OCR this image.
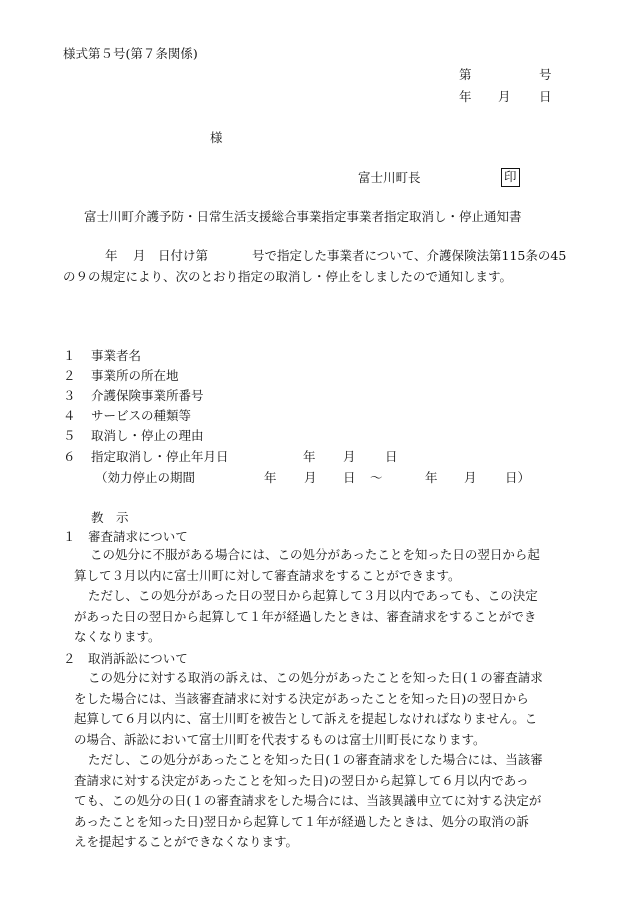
様式第５号(第７条関係)
第	号
年 月 日
様
富士川町長	印
富士川町介護予防・日常生活支援総合事業指定事業者指定取消し・停止通知書
年 月 日付け第	号で指定した事業者について、介護保険法第115条の45
の９の規定により、次のとおり指定の取消し・停止をしましたので通知します。
１ 事業者名
２ 事業所の所在地
３ 介護保険事業所番号
４ サービスの種類等
５ 取消し・停止の理由
６ 指定取消し・停止年月日	年 月 日
（効力停止の期間	年 月 日 ～	年 月 日）
教　示
１　審査請求について
この処分に不服がある場合には、この処分があったことを知った日の翌日から起
算して３月以内に富士川町に対して審査請求をすることができます。
ただし、この処分があった日の翌日から起算して３月以内であっても、この決定
があった日の翌日から起算して１年が経過したときは、審査請求をすることができ
なくなります。
２　取消訴訟について
この処分に対する取消の訴えは、この処分があったことを知った日(１の審査請求
をした場合には、当該審査請求に対する決定があったことを知った日)の翌日から
起算して６月以内に、富士川町を被告として訴えを提起しなければなりません。こ
の場合、訴訟において富士川町を代表するものは富士川町長になります。
ただし、この処分があったことを知った日(１の審査請求をした場合には、当該審
査請求に対する決定があったことを知った日)の翌日から起算して６月以内であっ
ても、この処分の日(１の審査請求をした場合には、当該異議申立てに対する決定が
あったことを知った日)翌日から起算して１年が経過したときは、処分の取消の訴
えを提起することができなくなります。
